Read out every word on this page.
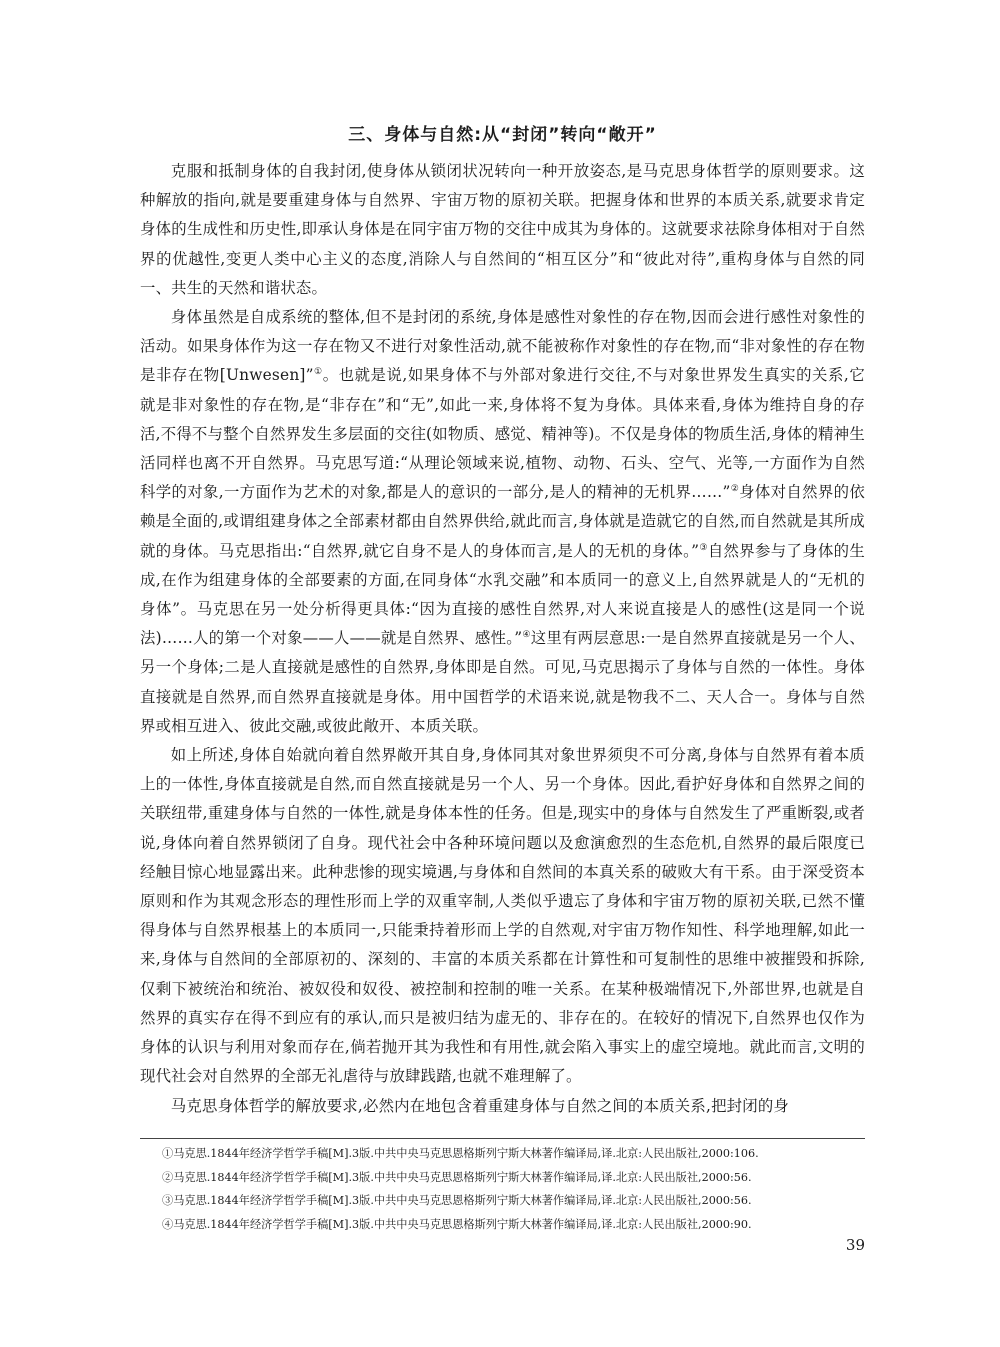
三、身体与自然:从“封闭”转向“敞开”

克服和抵制身体的自我封闭,使身体从锁闭状况转向一种开放姿态,是马克思身体哲学的原则要求。这种解放的指向,就是要重建身体与自然界、宇宙万物的原初关联。把握身体和世界的本质关系,就要求肯定身体的生成性和历史性,即承认身体是在同宇宙万物的交往中成其为身体的。这就要求祛除身体相对于自然界的优越性,变更人类中心主义的态度,消除人与自然间的“相互区分”和“彼此对待”,重构身体与自然的同一、共生的天然和谐状态。

身体虽然是自成系统的整体,但不是封闭的系统,身体是感性对象性的存在物,因而会进行感性对象性的活动。如果身体作为这一存在物又不进行对象性活动,就不能被称作对象性的存在物,而“非对象性的存在物是非存在物[Unwesen]”①。也就是说,如果身体不与外部对象进行交往,不与对象世界发生真实的关系,它就是非对象性的存在物,是“非存在”和“无”,如此一来,身体将不复为身体。具体来看,身体为维持自身的存活,不得不与整个自然界发生多层面的交往(如物质、感觉、精神等)。不仅是身体的物质生活,身体的精神生活同样也离不开自然界。马克思写道:“从理论领域来说,植物、动物、石头、空气、光等,一方面作为自然科学的对象,一方面作为艺术的对象,都是人的意识的一部分,是人的精神的无机界……”②身体对自然界的依赖是全面的,或谓组建身体之全部素材都由自然界供给,就此而言,身体就是造就它的自然,而自然就是其所成就的身体。马克思指出:“自然界,就它自身不是人的身体而言,是人的无机的身体。”③自然界参与了身体的生成,在作为组建身体的全部要素的方面,在同身体“水乳交融”和本质同一的意义上,自然界就是人的“无机的身体”。马克思在另一处分析得更具体:“因为直接的感性自然界,对人来说直接是人的感性(这是同一个说法)……人的第一个对象——人——就是自然界、感性。”④这里有两层意思:一是自然界直接就是另一个人、另一个身体;二是人直接就是感性的自然界,身体即是自然。可见,马克思揭示了身体与自然的一体性。身体直接就是自然界,而自然界直接就是身体。用中国哲学的术语来说,就是物我不二、天人合一。身体与自然界或相互进入、彼此交融,或彼此敞开、本质关联。

如上所述,身体自始就向着自然界敞开其自身,身体同其对象世界须臾不可分离,身体与自然界有着本质上的一体性,身体直接就是自然,而自然直接就是另一个人、另一个身体。因此,看护好身体和自然界之间的关联纽带,重建身体与自然的一体性,就是身体本性的任务。但是,现实中的身体与自然发生了严重断裂,或者说,身体向着自然界锁闭了自身。现代社会中各种环境问题以及愈演愈烈的生态危机,自然界的最后限度已经触目惊心地显露出来。此种悲惨的现实境遇,与身体和自然间的本真关系的破败大有干系。由于深受资本原则和作为其观念形态的理性形而上学的双重宰制,人类似乎遗忘了身体和宇宙万物的原初关联,已然不懂得身体与自然界根基上的本质同一,只能秉持着形而上学的自然观,对宇宙万物作知性、科学地理解,如此一来,身体与自然间的全部原初的、深刻的、丰富的本质关系都在计算性和可复制性的思维中被摧毁和拆除,仅剩下被统治和统治、被奴役和奴役、被控制和控制的唯一关系。在某种极端情况下,外部世界,也就是自然界的真实存在得不到应有的承认,而只是被归结为虚无的、非存在的。在较好的情况下,自然界也仅作为身体的认识与利用对象而存在,倘若抛开其为我性和有用性,就会陷入事实上的虚空境地。就此而言,文明的现代社会对自然界的全部无礼虐待与放肆践踏,也就不难理解了。

马克思身体哲学的解放要求,必然内在地包含着重建身体与自然之间的本质关系,把封闭的身

①马克思.1844年经济学哲学手稿[M].3版.中共中央马克思恩格斯列宁斯大林著作编译局,译.北京:人民出版社,2000:106.
②马克思.1844年经济学哲学手稿[M].3版.中共中央马克思恩格斯列宁斯大林著作编译局,译.北京:人民出版社,2000:56.
③马克思.1844年经济学哲学手稿[M].3版.中共中央马克思恩格斯列宁斯大林著作编译局,译.北京:人民出版社,2000:56.
④马克思.1844年经济学哲学手稿[M].3版.中共中央马克思恩格斯列宁斯大林著作编译局,译.北京:人民出版社,2000:90.
39
